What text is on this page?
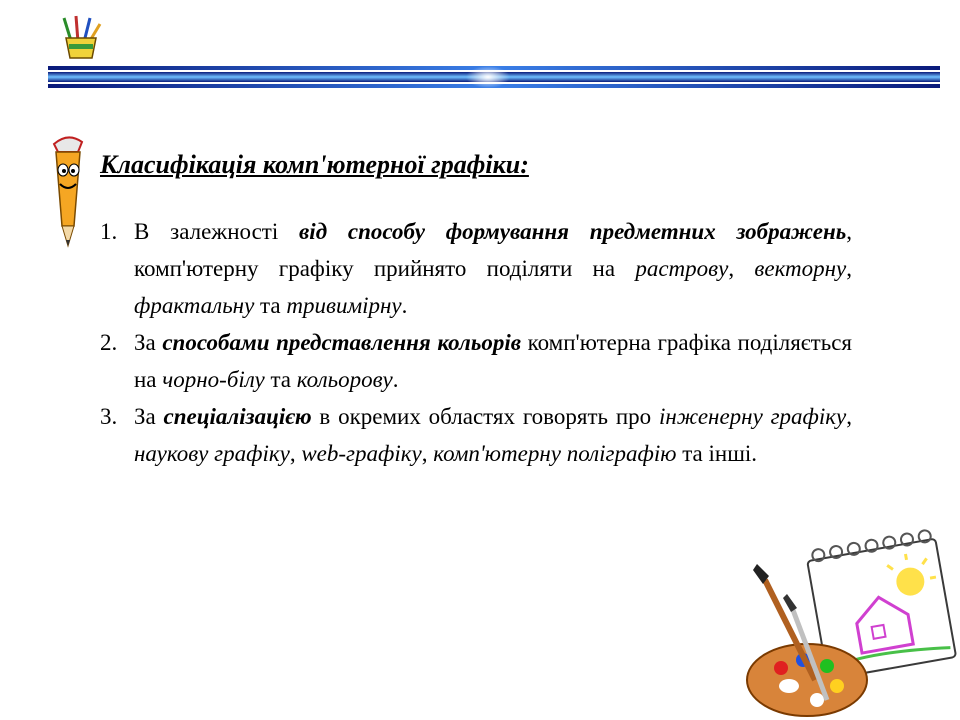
Класифікація комп'ютерної графіки:
1. В залежності від способу формування предметних зображень, комп'ютерну графіку прийнято поділяти на растрову, векторну, фрактальну та тривимірну.
2. За способами представлення кольорів комп'ютерна графіка поділяється на чорно-білу та кольорову.
3. За спеціалізацією в окремих областях говорять про інженерну графіку, наукову графіку, web-графіку, комп'ютерну поліграфію та інші.
